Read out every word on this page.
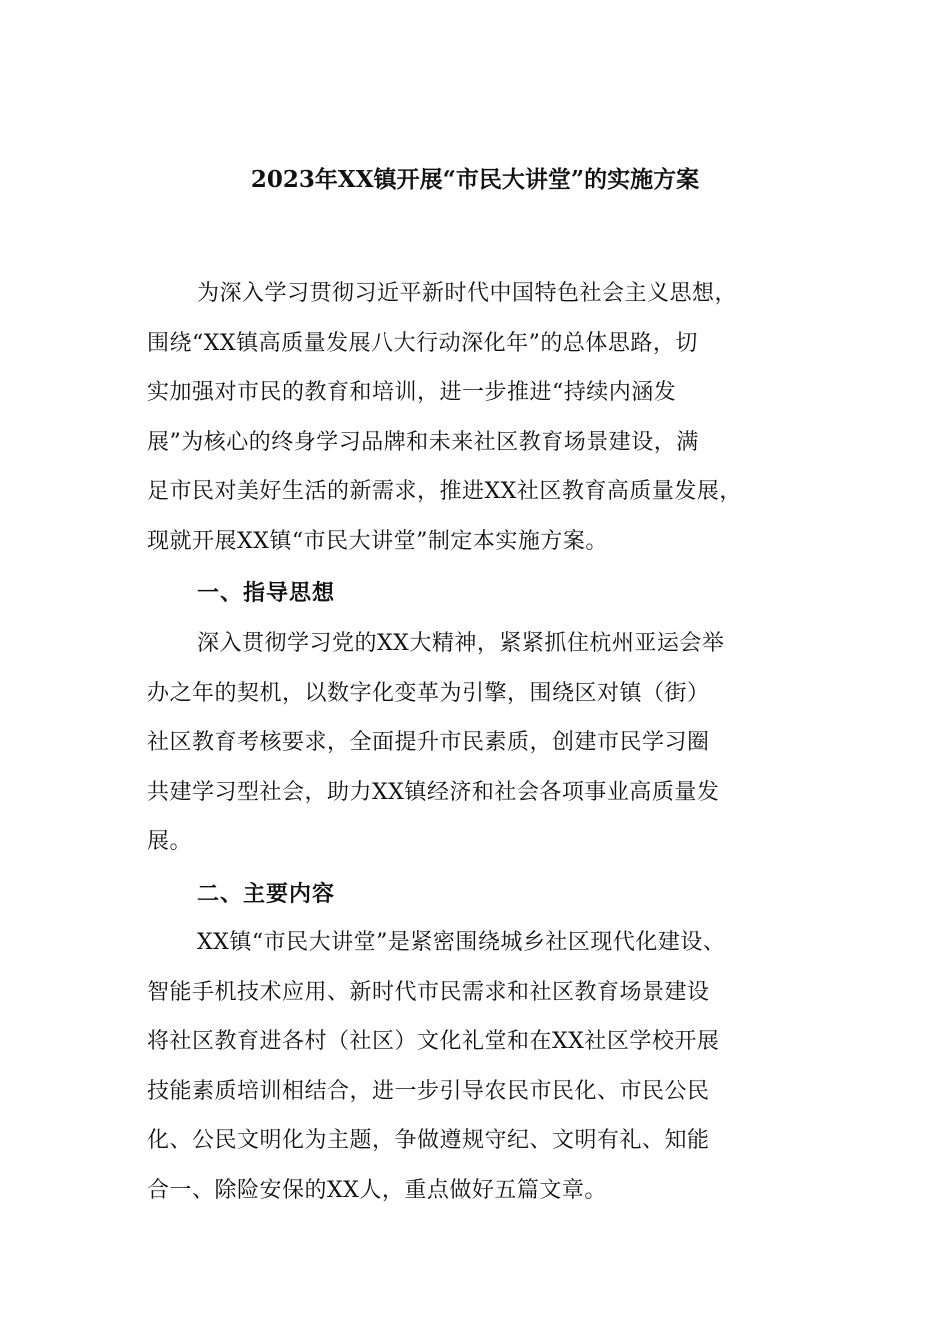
2023年XX镇开展“市民大讲堂”的实施方案
为深入学习贯彻习近平新时代中国特色社会主义思想，
围绕“XX镇高质量发展八大行动深化年”的总体思路，切
实加强对市民的教育和培训，进一步推进“持续内涵发
展”为核心的终身学习品牌和未来社区教育场景建设，满
足市民对美好生活的新需求，推进XX社区教育高质量发展，
现就开展XX镇“市民大讲堂”制定本实施方案。
一、指导思想
深入贯彻学习党的XX大精神，紧紧抓住杭州亚运会举
办之年的契机，以数字化变革为引擎，围绕区对镇（街）
社区教育考核要求，全面提升市民素质，创建市民学习圈
共建学习型社会，助力XX镇经济和社会各项事业高质量发
展。
二、主要内容
XX镇“市民大讲堂”是紧密围绕城乡社区现代化建设、
智能手机技术应用、新时代市民需求和社区教育场景建设
将社区教育进各村（社区）文化礼堂和在XX社区学校开展
技能素质培训相结合，进一步引导农民市民化、市民公民
化、公民文明化为主题，争做遵规守纪、文明有礼、知能
合一、除险安保的XX人，重点做好五篇文章。
